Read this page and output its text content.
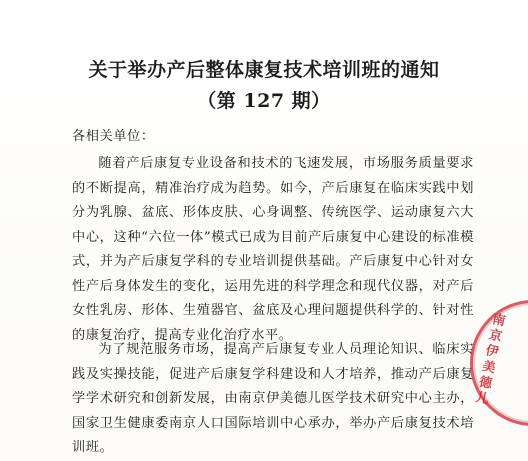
关于举办产后整体康复技术培训班的通知
（第 127 期）
各相关单位：
随着产后康复专业设备和技术的飞速发展，市场服务质量要求的不断提高，精准治疗成为趋势。如今，产后康复在临床实践中划分为乳腺、盆底、形体皮肤、心身调整、传统医学、运动康复六大中心，这种“六位一体”模式已成为目前产后康复中心建设的标准模式，并为产后康复学科的专业培训提供基础。产后康复中心针对女性产后身体发生的变化，运用先进的科学理念和现代仪器，对产后女性乳房、形体、生殖器官、盆底及心理问题提供科学的、针对性的康复治疗，提高专业化治疗水平。
为了规范服务市场，提高产后康复专业人员理论知识、临床实践及实操技能，促进产后康复学科建设和人才培养，推动产后康复学学术研究和创新发展，由南京伊美德儿医学技术研究中心主办，国家卫生健康委南京人口国际培训中心承办，举办产后康复技术培训班。
南
京
伊
美
德
儿
